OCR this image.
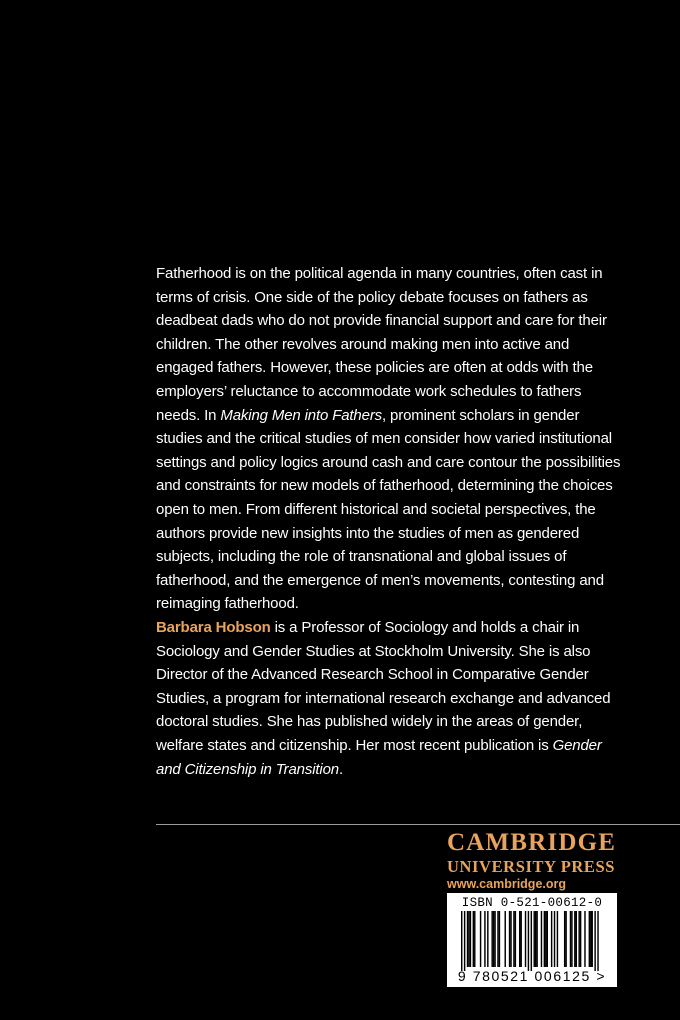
Fatherhood is on the political agenda in many countries, often cast in terms of crisis. One side of the policy debate focuses on fathers as deadbeat dads who do not provide financial support and care for their children. The other revolves around making men into active and engaged fathers. However, these policies are often at odds with the employers’ reluctance to accommodate work schedules to fathers needs. In Making Men into Fathers, prominent scholars in gender studies and the critical studies of men consider how varied institutional settings and policy logics around cash and care contour the possibilities and constraints for new models of fatherhood, determining the choices open to men. From different historical and societal perspectives, the authors provide new insights into the studies of men as gendered subjects, including the role of transnational and global issues of fatherhood, and the emergence of men’s movements, contesting and reimaging fatherhood.

Barbara Hobson is a Professor of Sociology and holds a chair in Sociology and Gender Studies at Stockholm University. She is also Director of the Advanced Research School in Comparative Gender Studies, a program for international research exchange and advanced doctoral studies. She has published widely in the areas of gender, welfare states and citizenship. Her most recent publication is Gender and Citizenship in Transition.

CAMBRIDGE
UNIVERSITY PRESS
www.cambridge.org
ISBN 0-521-00612-0
9 780521 006125 >
